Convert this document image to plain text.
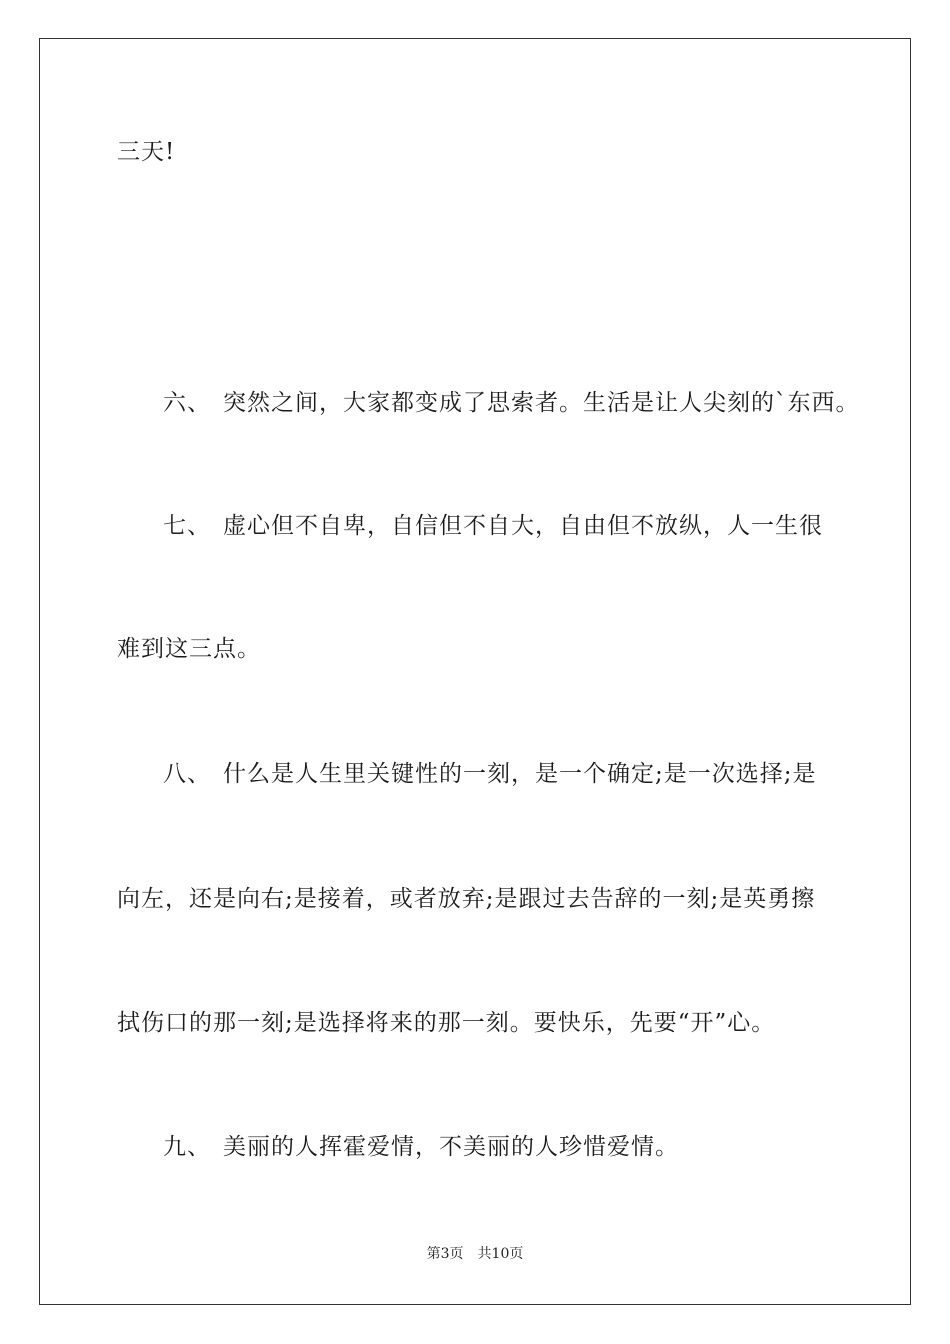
三天!
六、 突然之间，大家都变成了思索者。生活是让人尖刻的`东西。
七、 虚心但不自卑，自信但不自大，自由但不放纵，人一生很
难到这三点。
八、 什么是人生里关键性的一刻，是一个确定;是一次选择;是
向左，还是向右;是接着，或者放弃;是跟过去告辞的一刻;是英勇擦
拭伤口的那一刻;是选择将来的那一刻。要快乐，先要“开”心。
九、 美丽的人挥霍爱情，不美丽的人珍惜爱情。
第3页 共10页
